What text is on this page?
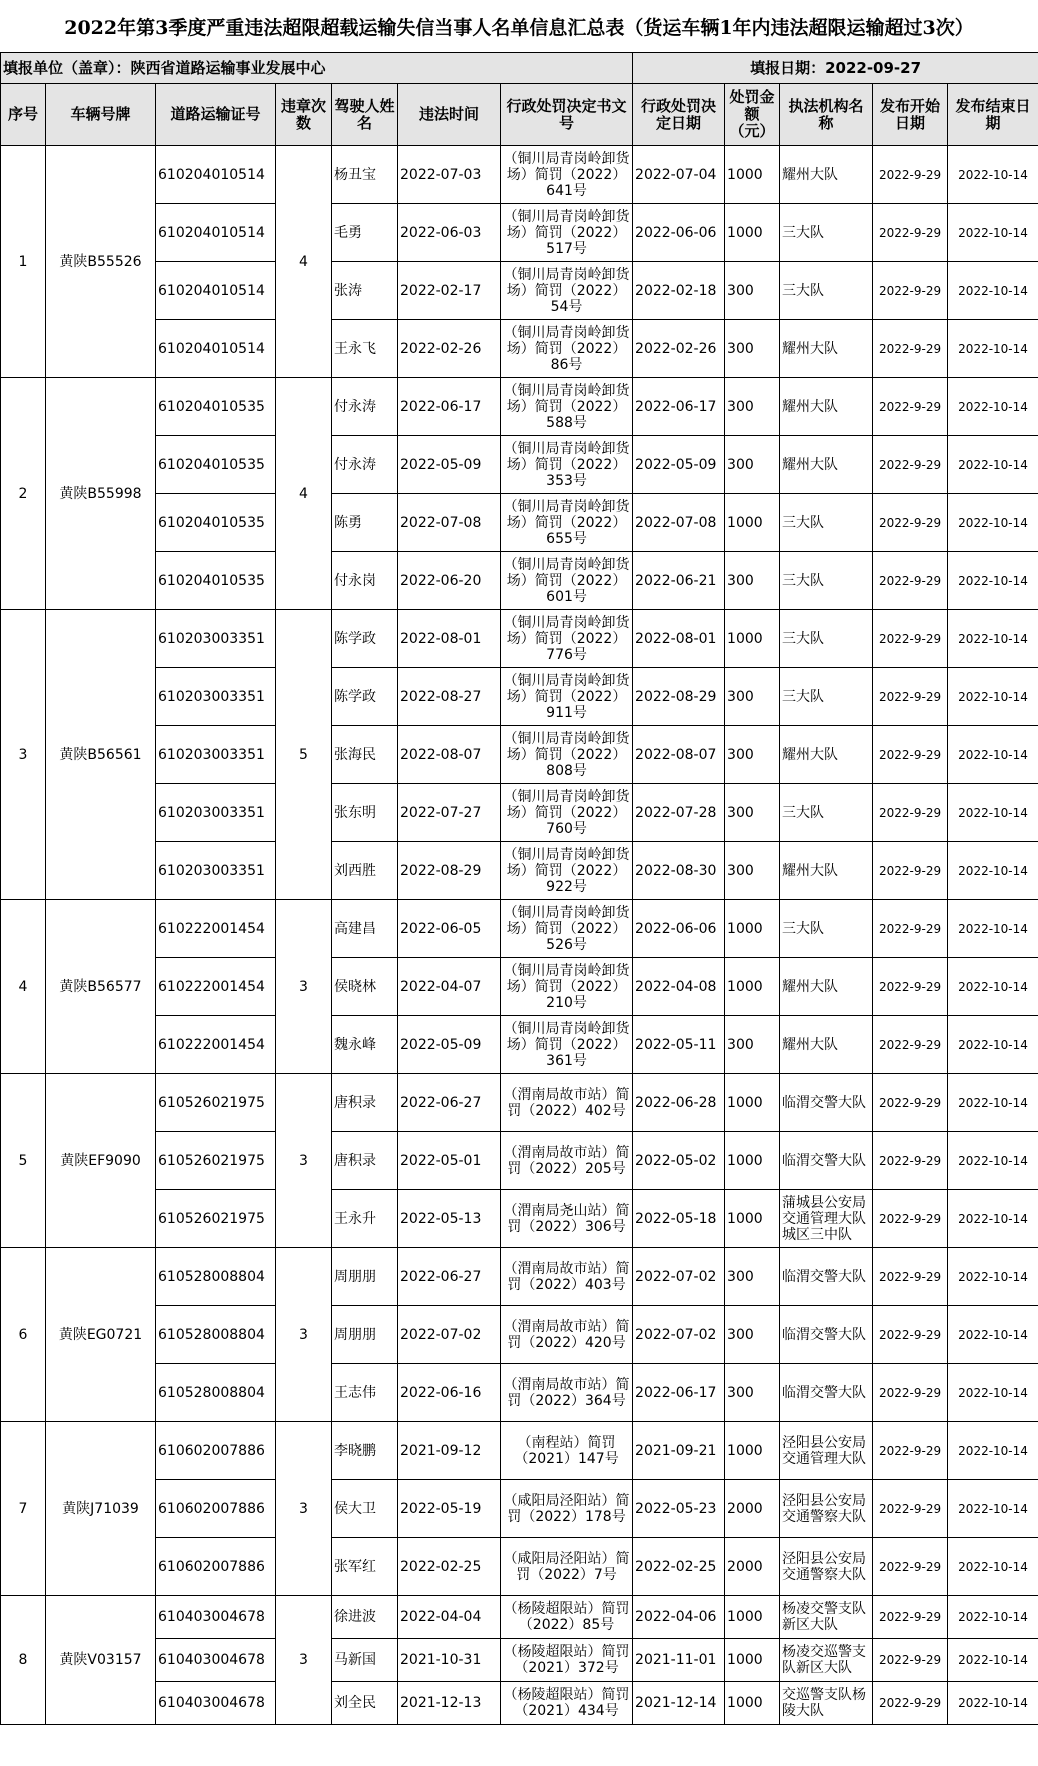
2022年第3季度严重违法超限超载运输失信当事人名单信息汇总表（货运车辆1年内违法超限运输超过3次）
填报单位（盖章）：陕西省道路运输事业发展中心							填报日期：2022-09-27				
序号	车辆号牌	道路运输证号	违章次数	驾驶人姓名	违法时间	行政处罚决定书文号	行政处罚决定日期	处罚金额（元）	执法机构名称	发布开始日期	发布结束日期
1	黄陕B55526	610204010514	4	杨丑宝	2022-07-03	（铜川局青岗岭卸货场）简罚（2022）641号	2022-07-04	1000	耀州大队	2022-9-29	2022-10-14
		610204010514		毛勇	2022-06-03	（铜川局青岗岭卸货场）简罚（2022）517号	2022-06-06	1000	三大队	2022-9-29	2022-10-14
		610204010514		张涛	2022-02-17	（铜川局青岗岭卸货场）简罚（2022）54号	2022-02-18	300	三大队	2022-9-29	2022-10-14
		610204010514		王永飞	2022-02-26	（铜川局青岗岭卸货场）简罚（2022）86号	2022-02-26	300	耀州大队	2022-9-29	2022-10-14
2	黄陕B55998	610204010535	4	付永涛	2022-06-17	（铜川局青岗岭卸货场）简罚（2022）588号	2022-06-17	300	耀州大队	2022-9-29	2022-10-14
		610204010535		付永涛	2022-05-09	（铜川局青岗岭卸货场）简罚（2022）353号	2022-05-09	300	耀州大队	2022-9-29	2022-10-14
		610204010535		陈勇	2022-07-08	（铜川局青岗岭卸货场）简罚（2022）655号	2022-07-08	1000	三大队	2022-9-29	2022-10-14
		610204010535		付永岗	2022-06-20	（铜川局青岗岭卸货场）简罚（2022）601号	2022-06-21	300	三大队	2022-9-29	2022-10-14
3	黄陕B56561	610203003351	5	陈学政	2022-08-01	（铜川局青岗岭卸货场）简罚（2022）776号	2022-08-01	1000	三大队	2022-9-29	2022-10-14
		610203003351		陈学政	2022-08-27	（铜川局青岗岭卸货场）简罚（2022）911号	2022-08-29	300	三大队	2022-9-29	2022-10-14
		610203003351		张海民	2022-08-07	（铜川局青岗岭卸货场）简罚（2022）808号	2022-08-07	300	耀州大队	2022-9-29	2022-10-14
		610203003351		张东明	2022-07-27	（铜川局青岗岭卸货场）简罚（2022）760号	2022-07-28	300	三大队	2022-9-29	2022-10-14
		610203003351		刘西胜	2022-08-29	（铜川局青岗岭卸货场）简罚（2022）922号	2022-08-30	300	耀州大队	2022-9-29	2022-10-14
4	黄陕B56577	610222001454	3	高建昌	2022-06-05	（铜川局青岗岭卸货场）简罚（2022）526号	2022-06-06	1000	三大队	2022-9-29	2022-10-14
		610222001454		侯晓林	2022-04-07	（铜川局青岗岭卸货场）简罚（2022）210号	2022-04-08	1000	耀州大队	2022-9-29	2022-10-14
		610222001454		魏永峰	2022-05-09	（铜川局青岗岭卸货场）简罚（2022）361号	2022-05-11	300	耀州大队	2022-9-29	2022-10-14
5	黄陕EF9090	610526021975	3	唐积录	2022-06-27	（渭南局故市站）简罚（2022）402号	2022-06-28	1000	临渭交警大队	2022-9-29	2022-10-14
		610526021975		唐积录	2022-05-01	（渭南局故市站）简罚（2022）205号	2022-05-02	1000	临渭交警大队	2022-9-29	2022-10-14
		610526021975		王永升	2022-05-13	（渭南局尧山站）简罚（2022）306号	2022-05-18	1000	蒲城县公安局交通管理大队城区三中队	2022-9-29	2022-10-14
6	黄陕EG0721	610528008804	3	周朋朋	2022-06-27	（渭南局故市站）简罚（2022）403号	2022-07-02	300	临渭交警大队	2022-9-29	2022-10-14
		610528008804		周朋朋	2022-07-02	（渭南局故市站）简罚（2022）420号	2022-07-02	300	临渭交警大队	2022-9-29	2022-10-14
		610528008804		王志伟	2022-06-16	（渭南局故市站）简罚（2022）364号	2022-06-17	300	临渭交警大队	2022-9-29	2022-10-14
7	黄陕J71039	610602007886	3	李晓鹏	2021-09-12	（南程站）简罚（2021）147号	2021-09-21	1000	泾阳县公安局交通管理大队	2022-9-29	2022-10-14
		610602007886		侯大卫	2022-05-19	（咸阳局泾阳站）简罚（2022）178号	2022-05-23	2000	泾阳县公安局交通警察大队	2022-9-29	2022-10-14
		610602007886		张军红	2022-02-25	（咸阳局泾阳站）简罚（2022）7号	2022-02-25	2000	泾阳县公安局交通警察大队	2022-9-29	2022-10-14
8	黄陕V03157	610403004678	3	徐进波	2022-04-04	（杨陵超限站）简罚（2022）85号	2022-04-06	1000	杨凌交警支队新区大队	2022-9-29	2022-10-14
		610403004678		马新国	2021-10-31	（杨陵超限站）简罚（2021）372号	2021-11-01	1000	杨凌交巡警支队新区大队	2022-9-29	2022-10-14
		610403004678		刘全民	2021-12-13	（杨陵超限站）简罚（2021）434号	2021-12-14	1000	交巡警支队杨陵大队	2022-9-29	2022-10-14
